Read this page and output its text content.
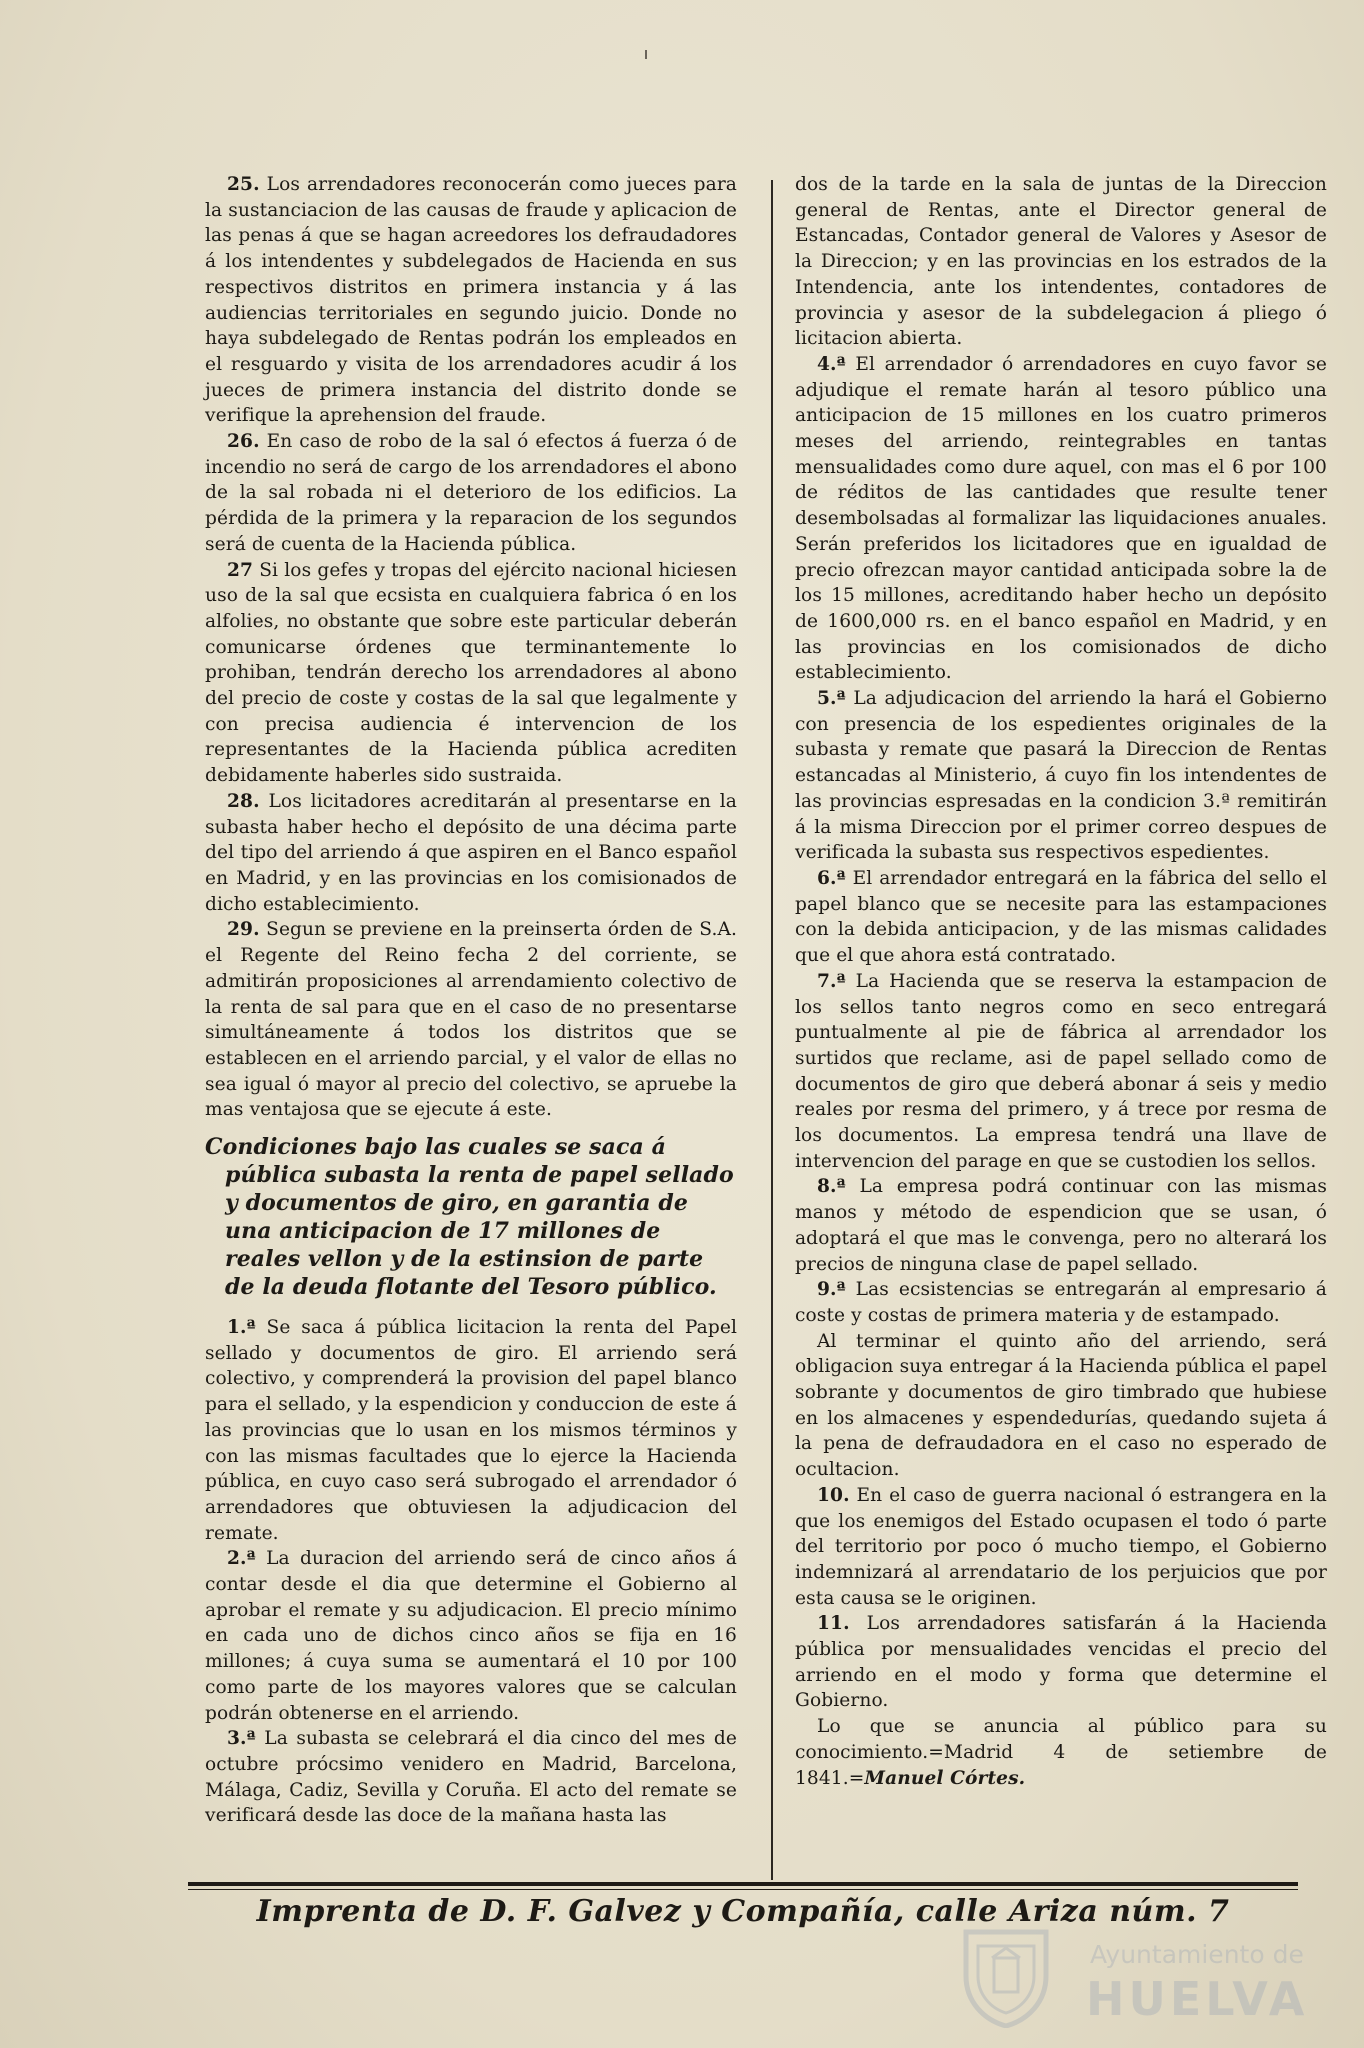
25. Los arrendadores reconocerán como jueces para la sustanciacion de las causas de fraude y aplicacion de las penas á que se hagan acreedores los defraudadores á los intendentes y subdelegados de Hacienda en sus respectivos distritos en primera instancia y á las audiencias territoriales en segundo juicio. Donde no haya subdelegado de Rentas podrán los empleados en el resguardo y visita de los arrendadores acudir á los jueces de primera instancia del distrito donde se verifique la aprehension del fraude.

26. En caso de robo de la sal ó efectos á fuerza ó de incendio no será de cargo de los arrendadores el abono de la sal robada ni el deterioro de los edificios. La pérdida de la primera y la reparacion de los segundos será de cuenta de la Hacienda pública.

27 Si los gefes y tropas del ejército nacional hiciesen uso de la sal que ecsista en cualquiera fabrica ó en los alfolies, no obstante que sobre este particular deberán comunicarse órdenes que terminantemente lo prohiban, tendrán derecho los arrendadores al abono del precio de coste y costas de la sal que legalmente y con precisa audiencia é intervencion de los representantes de la Hacienda pública acrediten debidamente haberles sido sustraida.

28. Los licitadores acreditarán al presentarse en la subasta haber hecho el depósito de una décima parte del tipo del arriendo á que aspiren en el Banco español en Madrid, y en las provincias en los comisionados de dicho establecimiento.

29. Segun se previene en la preinserta órden de S.A. el Regente del Reino fecha 2 del corriente, se admitirán proposiciones al arrendamiento colectivo de la renta de sal para que en el caso de no presentarse simultáneamente á todos los distritos que se establecen en el arriendo parcial, y el valor de ellas no sea igual ó mayor al precio del colectivo, se apruebe la mas ventajosa que se ejecute á este.

Condiciones bajo las cuales se saca á pública subasta la renta de papel sellado y documentos de giro, en garantia de una anticipacion de 17 millones de reales vellon y de la estinsion de parte de la deuda flotante del Tesoro público.

1.ª Se saca á pública licitacion la renta del Papel sellado y documentos de giro. El arriendo será colectivo, y comprenderá la provision del papel blanco para el sellado, y la espendicion y conduccion de este á las provincias que lo usan en los mismos términos y con las mismas facultades que lo ejerce la Hacienda pública, en cuyo caso será subrogado el arrendador ó arrendadores que obtuviesen la adjudicacion del remate.

2.ª La duracion del arriendo será de cinco años á contar desde el dia que determine el Gobierno al aprobar el remate y su adjudicacion. El precio mínimo en cada uno de dichos cinco años se fija en 16 millones; á cuya suma se aumentará el 10 por 100 como parte de los mayores valores que se calculan podrán obtenerse en el arriendo.

3.ª La subasta se celebrará el dia cinco del mes de octubre prócsimo venidero en Madrid, Barcelona, Málaga, Cadiz, Sevilla y Coruña. El acto del remate se verificará desde las doce de la mañana hasta las

dos de la tarde en la sala de juntas de la Direccion general de Rentas, ante el Director general de Estancadas, Contador general de Valores y Asesor de la Direccion; y en las provincias en los estrados de la Intendencia, ante los intendentes, contadores de provincia y asesor de la subdelegacion á pliego ó licitacion abierta.

4.ª El arrendador ó arrendadores en cuyo favor se adjudique el remate harán al tesoro público una anticipacion de 15 millones en los cuatro primeros meses del arriendo, reintegrables en tantas mensualidades como dure aquel, con mas el 6 por 100 de réditos de las cantidades que resulte tener desembolsadas al formalizar las liquidaciones anuales. Serán preferidos los licitadores que en igualdad de precio ofrezcan mayor cantidad anticipada sobre la de los 15 millones, acreditando haber hecho un depósito de 1600,000 rs. en el banco español en Madrid, y en las provincias en los comisionados de dicho establecimiento.

5.ª La adjudicacion del arriendo la hará el Gobierno con presencia de los espedientes originales de la subasta y remate que pasará la Direccion de Rentas estancadas al Ministerio, á cuyo fin los intendentes de las provincias espresadas en la condicion 3.ª remitirán á la misma Direccion por el primer correo despues de verificada la subasta sus respectivos espedientes.

6.ª El arrendador entregará en la fábrica del sello el papel blanco que se necesite para las estampaciones con la debida anticipacion, y de las mismas calidades que el que ahora está contratado.

7.ª La Hacienda que se reserva la estampacion de los sellos tanto negros como en seco entregará puntualmente al pie de fábrica al arrendador los surtidos que reclame, asi de papel sellado como de documentos de giro que deberá abonar á seis y medio reales por resma del primero, y á trece por resma de los documentos. La empresa tendrá una llave de intervencion del parage en que se custodien los sellos.

8.ª La empresa podrá continuar con las mismas manos y método de espendicion que se usan, ó adoptará el que mas le convenga, pero no alterará los precios de ninguna clase de papel sellado.

9.ª Las ecsistencias se entregarán al empresario á coste y costas de primera materia y de estampado.

Al terminar el quinto año del arriendo, será obligacion suya entregar á la Hacienda pública el papel sobrante y documentos de giro timbrado que hubiese en los almacenes y espendedurías, quedando sujeta á la pena de defraudadora en el caso no esperado de ocultacion.

10. En el caso de guerra nacional ó estrangera en la que los enemigos del Estado ocupasen el todo ó parte del territorio por poco ó mucho tiempo, el Gobierno indemnizará al arrendatario de los perjuicios que por esta causa se le originen.

11. Los arrendadores satisfarán á la Hacienda pública por mensualidades vencidas el precio del arriendo en el modo y forma que determine el Gobierno.

Lo que se anuncia al público para su conocimiento.=Madrid 4 de setiembre de 1841.=Manuel Córtes.

Imprenta de D. F. Galvez y Compañía, calle Ariza núm. 7
Ayuntamiento de
HUELVA
